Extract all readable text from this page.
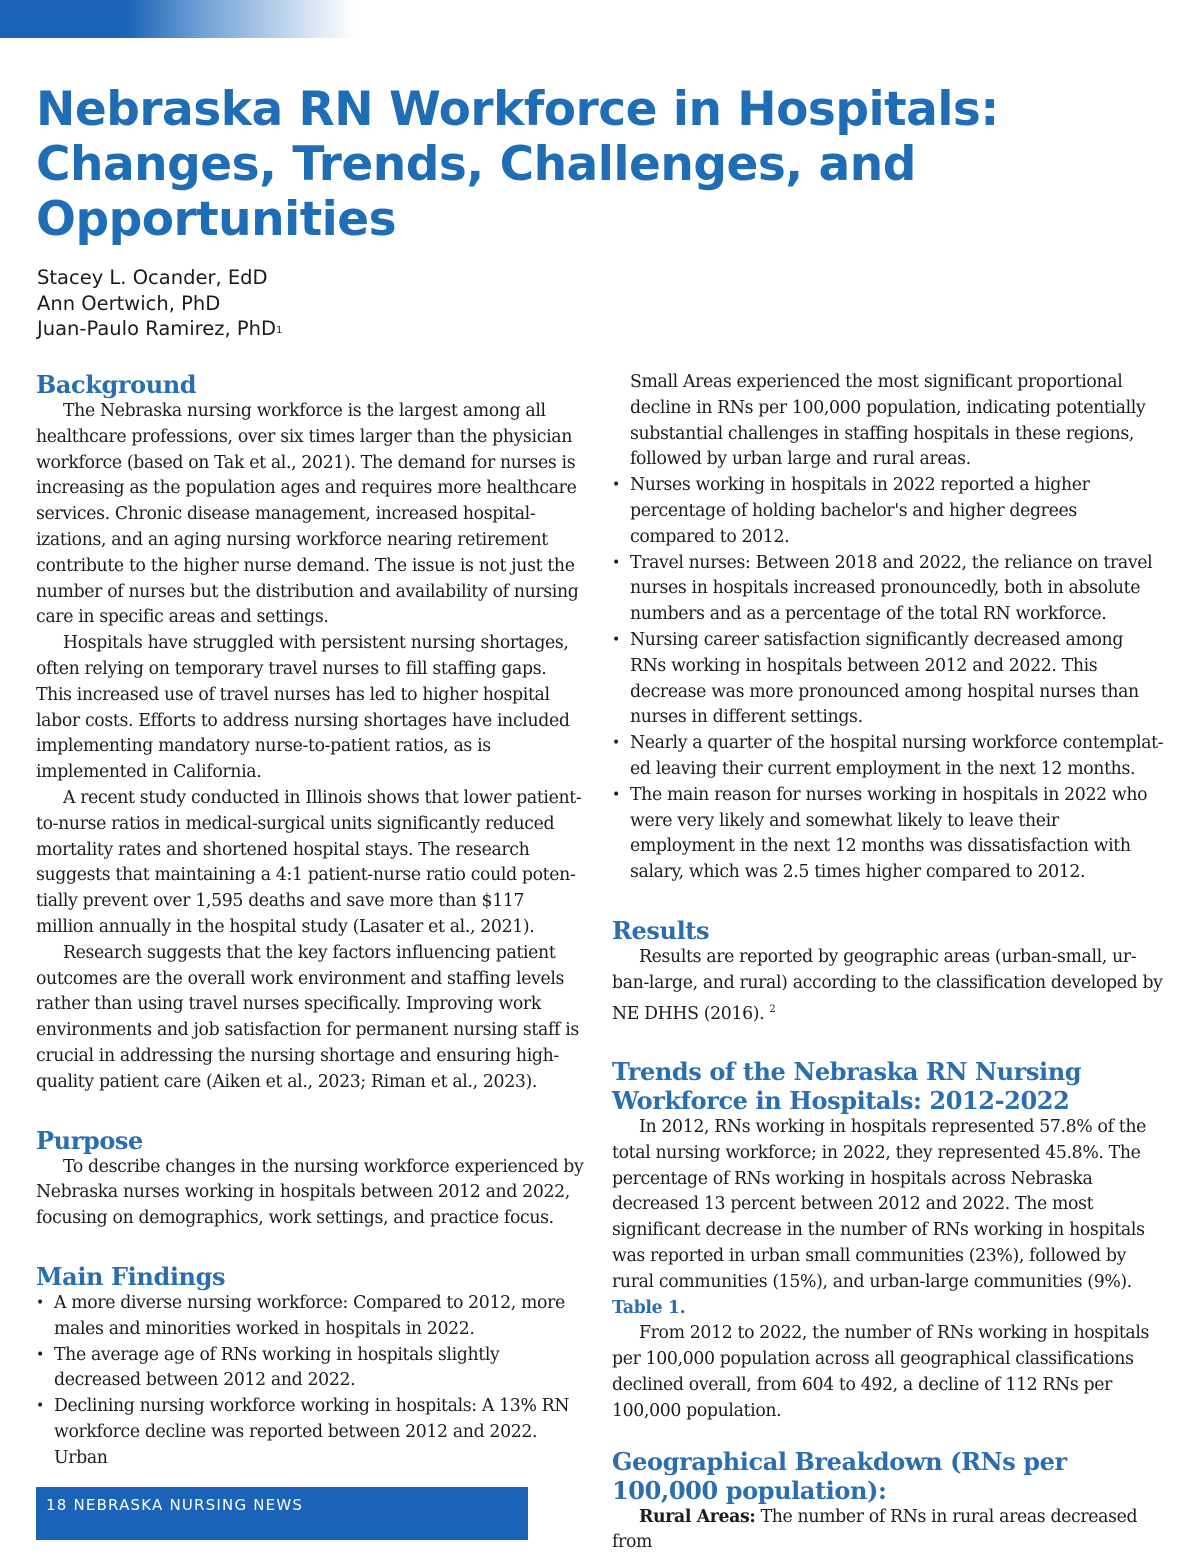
Nebraska RN Workforce in Hospitals:
Changes, Trends, Challenges, and
Opportunities
Stacey L. Ocander, EdD
Ann Oertwich, PhD
Juan-Paulo Ramirez, PhD$^1$
Background

The Nebraska nursing workforce is the largest among all healthcare professions, over six times larger than the physician workforce (based on Tak et al., 2021). The demand for nurses is increasing as the population ages and requires more healthcare services. Chronic disease management, increased hospitalizations, and an aging nursing workforce nearing retirement contribute to the higher nurse demand. The issue is not just the number of nurses but the distribution and availability of nursing care in specific areas and settings.

Hospitals have struggled with persistent nursing shortages, often relying on temporary travel nurses to fill staffing gaps. This increased use of travel nurses has led to higher hospital labor costs. Efforts to address nursing shortages have included implementing mandatory nurse-to-patient ratios, as is implemented in California.

A recent study conducted in Illinois shows that lower patient-to-nurse ratios in medical-surgical units significantly reduced mortality rates and shortened hospital stays. The research suggests that maintaining a 4:1 patient-nurse ratio could potentially prevent over 1,595 deaths and save more than $117 million annually in the hospital study (Lasater et al., 2021).

Research suggests that the key factors influencing patient outcomes are the overall work environment and staffing levels rather than using travel nurses specifically. Improving work environments and job satisfaction for permanent nursing staff is crucial in addressing the nursing shortage and ensuring high-quality patient care (Aiken et al., 2023; Riman et al., 2023).

Purpose

To describe changes in the nursing workforce experienced by Nebraska nurses working in hospitals between 2012 and 2022, focusing on demographics, work settings, and practice focus.

Main Findings
• A more diverse nursing workforce: Compared to 2012, more males and minorities worked in hospitals in 2022.
• The average age of RNs working in hospitals slightly decreased between 2012 and 2022.
• Declining nursing workforce working in hospitals: A 13% RN workforce decline was reported between 2012 and 2022. Urban
Small Areas experienced the most significant proportional decline in RNs per 100,000 population, indicating potentially substantial challenges in staffing hospitals in these regions, followed by urban large and rural areas.
• Nurses working in hospitals in 2022 reported a higher percentage of holding bachelor's and higher degrees compared to 2012.
• Travel nurses: Between 2018 and 2022, the reliance on travel nurses in hospitals increased pronouncedly, both in absolute numbers and as a percentage of the total RN workforce.
• Nursing career satisfaction significantly decreased among RNs working in hospitals between 2012 and 2022. This decrease was more pronounced among hospital nurses than nurses in different settings.
• Nearly a quarter of the hospital nursing workforce contemplated leaving their current employment in the next 12 months.
• The main reason for nurses working in hospitals in 2022 who were very likely and somewhat likely to leave their employment in the next 12 months was dissatisfaction with salary, which was 2.5 times higher compared to 2012.
Results

Results are reported by geographic areas (urban-small, urban-large, and rural) according to the classification developed by NE DHHS (2016). $^2$

Trends of the Nebraska RN Nursing Workforce in Hospitals: 2012-2022

In 2012, RNs working in hospitals represented 57.8% of the total nursing workforce; in 2022, they represented 45.8%. The percentage of RNs working in hospitals across Nebraska decreased 13 percent between 2012 and 2022. The most significant decrease in the number of RNs working in hospitals was reported in urban small communities (23%), followed by rural communities (15%), and urban-large communities (9%). Table 1.

From 2012 to 2022, the number of RNs working in hospitals per 100,000 population across all geographical classifications declined overall, from 604 to 492, a decline of 112 RNs per 100,000 population.

Geographical Breakdown (RNs per 100,000 population):

Rural Areas: The number of RNs in rural areas decreased from

18 NEBRASKA NURSING NEWS
